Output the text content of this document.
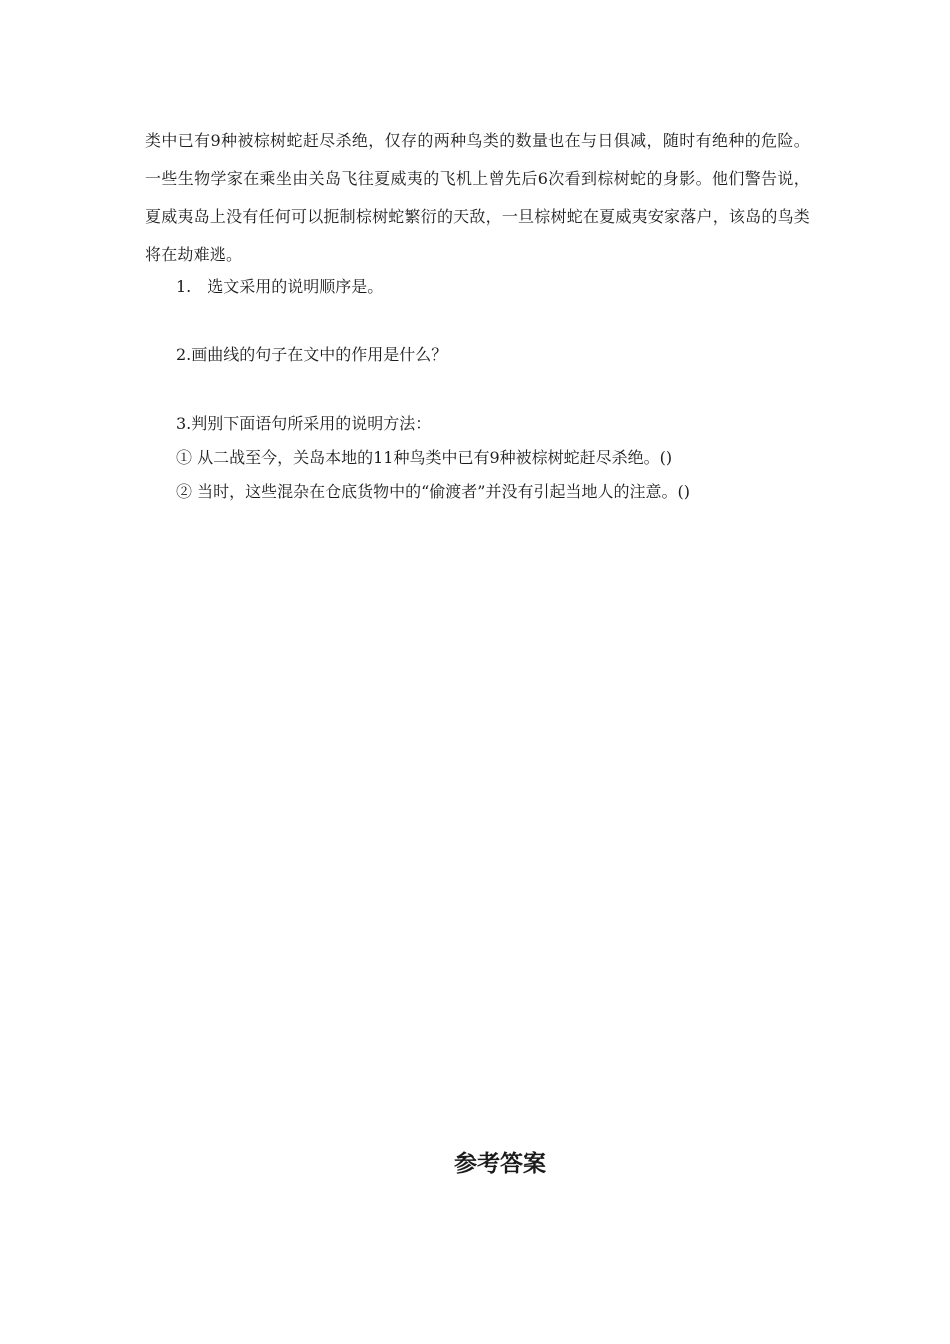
类中已有9种被棕树蛇赶尽杀绝，仅存的两种鸟类的数量也在与日俱减，随时有绝种的危险。一些生物学家在乘坐由关岛飞往夏威夷的飞机上曾先后6次看到棕树蛇的身影。他们警告说，夏威夷岛上没有任何可以扼制棕树蛇繁衍的天敌，一旦棕树蛇在夏威夷安家落户，该岛的鸟类将在劫难逃。

1.　选文采用的说明顺序是。

2.画曲线的句子在文中的作用是什么？

3.判别下面语句所采用的说明方法：

① 从二战至今，关岛本地的11种鸟类中已有9种被棕树蛇赶尽杀绝。()

② 当时，这些混杂在仓底货物中的“偷渡者”并没有引起当地人的注意。()

参考答案
